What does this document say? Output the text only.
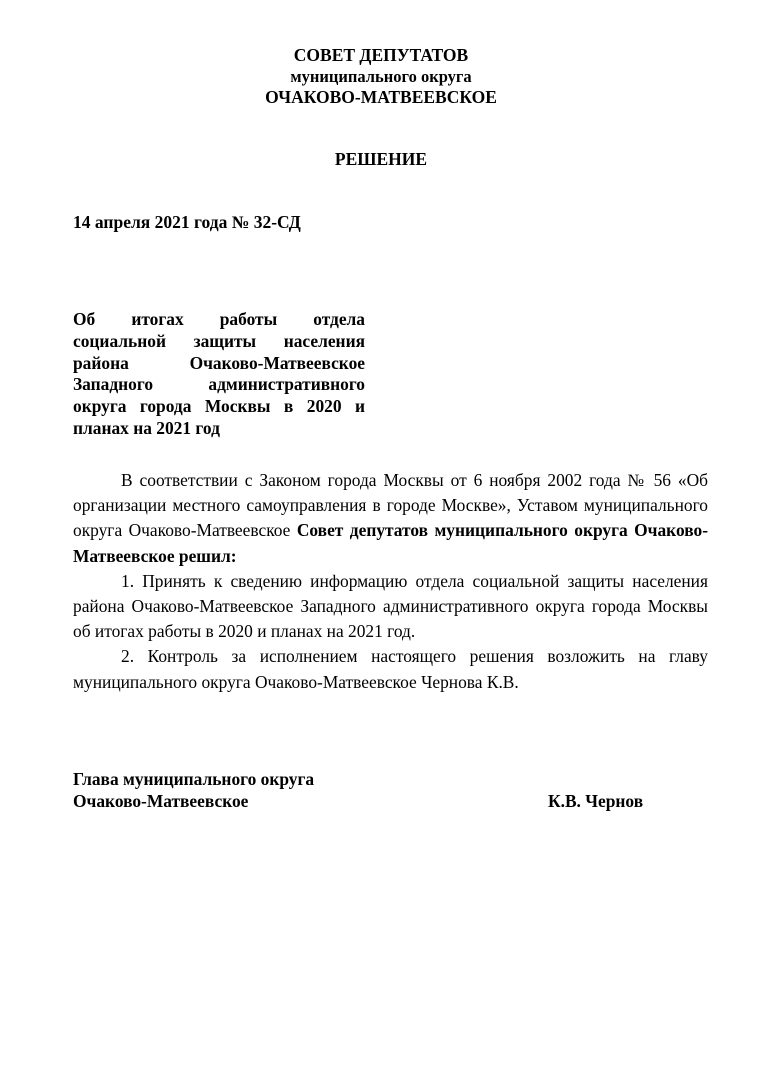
СОВЕТ ДЕПУТАТОВ
муниципального округа
ОЧАКОВО-МАТВЕЕВСКОЕ
РЕШЕНИЕ
14 апреля 2021 года № 32-СД
Об итогах работы отдела социальной защиты населения района Очаково-Матвеевское Западного административного округа города Москвы в 2020 и планах на 2021 год

В соответствии с Законом города Москвы от 6 ноября 2002 года № 56 «Об организации местного самоуправления в городе Москве», Уставом муниципального округа Очаково-Матвеевское Совет депутатов муниципального округа Очаково-Матвеевское решил:

1. Принять к сведению информацию отдела социальной защиты населения района Очаково-Матвеевское Западного административного округа города Москвы об итогах работы в 2020 и планах на 2021 год.

2. Контроль за исполнением настоящего решения возложить на главу муниципального округа Очаково-Матвеевское Чернова К.В.

Глава муниципального округа
Очаково-Матвеевское	К.В. Чернов
